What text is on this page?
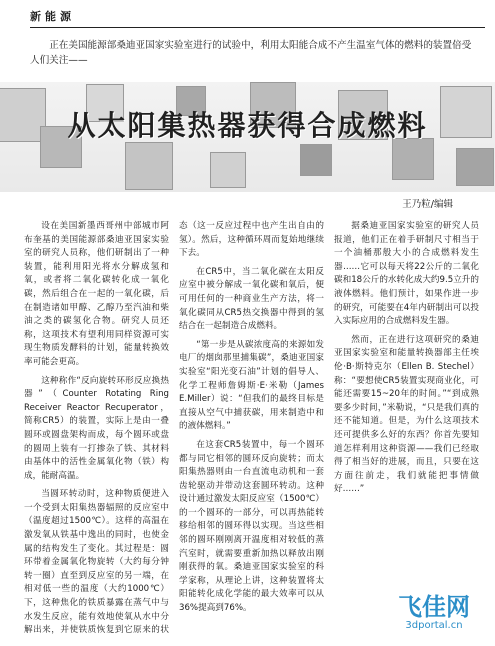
新能源
正在美国能源部桑迪亚国家实验室进行的试验中，利用太阳能合成不产生温室气体的燃料的装置倍受人们关注——
从太阳集热器获得合成燃料
王乃粒/编辑

设在美国新墨西哥州中部城市阿布奎基的美国能源部桑迪亚国家实验室的研究人员称，他们研制出了一种装置，能利用阳光将水分解成氢和氧，或者将二氧化碳转化成一氧化碳，然后组合在一起的一氧化碳，后在制造诸如甲醇、乙醇乃至汽油和柴油之类的碳氢化合物。研究人员还称，这项技术有望利用同样资源可实现生物质发酵料的计划，能量转换效率可能会更高。

这种称作“反向旋转环形反应换热器”（Counter Rotating Ring Receiver Reactor Recuperator，简称CR5）的装置，实际上是由一叠圆环或圆盘架构而成，每个圆环或盘的圆周上装有一打掺杂了铁、其材料由基体中的活性金属氧化物（铁）构成，能耐高温。

当圆环转动时，这种物质便进入一个受到太阳集热器辐照的反应室中（温度超过1500℃）。这样的高温在激发氧从铁基中逸出的同时，也使金属的结构发生了变化。其过程是：圆环带着金属氧化物旋转（大约每分钟转一圈）直至到反应室的另一端，在相对低一些的温度（大约1000℃）下，这种焦化的铁质暴露在蒸气中与水发生反应，能有效地使氧从水中分解出来，并使铁质恢复到它原来的状态（这一反应过程中也产生出自由的氢）。然后，这种循环周而复始地继续下去。

在CR5中，当二氧化碳在太阳反应室中被分解成一氧化碳和氧后，便可用任何的一种商业生产方法，将一氧化碳同从CR5热交换器中得到的氢结合在一起制造合成燃料。

“第一步是从碳浓度高的来源如发电厂的烟囱那里捕集碳”，桑迪亚国家实验室“阳光变石油”计划的倡导人、化学工程师詹姆斯·E·米勒（James E.Miller）说：“但我们的最终目标是直接从空气中捕获碳，用来制造中和的液体燃料。”

在这套CR5装置中，每一个圆环都与同它相邻的圆环反向旋转；而太阳集热器则由一台直流电动机和一套齿轮驱动并带动这套圆环转动。这种设计通过激发太阳反应室（1500℃）的一个圆环的一部分，可以再热能转移给相邻的圆环得以实现。当这些相邻的圆环刚刚离开温度相对较低的蒸汽室时，就需要重新加热以释放出刚刚获得的氧。桑迪亚国家实验室的科学家称，从理论上讲，这种装置将太阳能转化成化学能的最大效率可以从36%提高到76%。

据桑迪亚国家实验室的研究人员报道，他们正在着手研制尺寸相当于一个油桶那般大小的合成燃料发生器……它可以每天将22公斤的二氧化碳和18公斤的水转化成大约9.5立升的液体燃料。他们预计，如果作进一步的研究，可能要在4年内研制出可以投入实际应用的合成燃料发生器。

然而，正在进行这项研究的桑迪亚国家实验室和能量转换器部主任埃伦·B·斯特克尔（Ellen B. Stechel）称：“要想使CR5装置实现商业化，可能还需要15~20年的时间。”“到成熟要多少时间，”米勒说，“只是我们真的还不能知道。但是，为什么这项技术还可提供多么好的东西？你首先要知道怎样利用这种资源——我们已经取得了相当好的进展，而且，只要在这方面往前走，我们就能把事情做好……”

飞佳网
3dportal.cn
